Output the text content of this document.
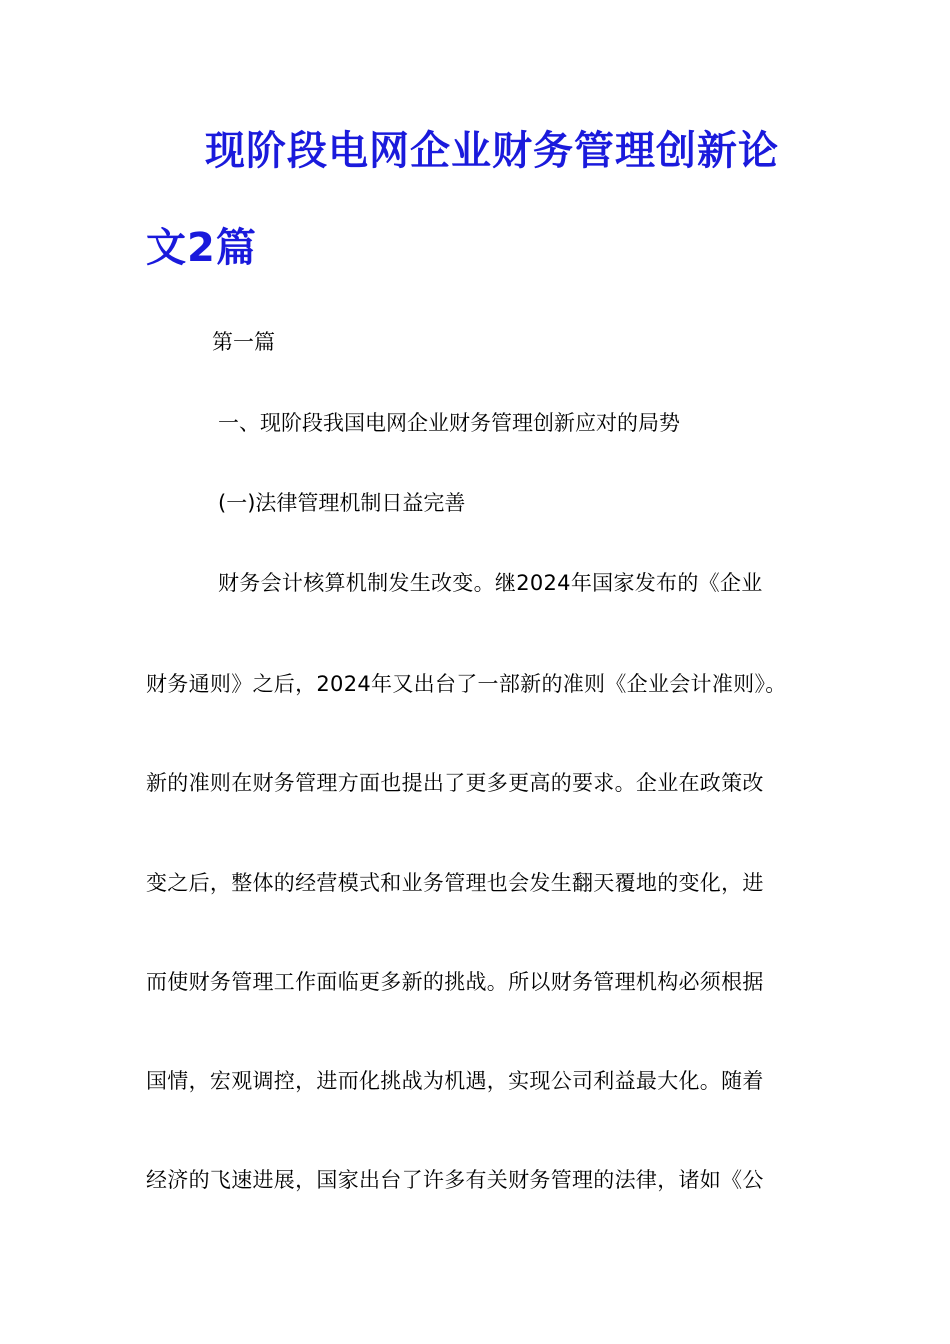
现阶段电网企业财务管理创新论
文2篇

第一篇

一、现阶段我国电网企业财务管理创新应对的局势

(一)法律管理机制日益完善

财务会计核算机制发生改变。继2024年国家发布的《企业

财务通则》之后，2024年又出台了一部新的准则《企业会计准则》。

新的准则在财务管理方面也提出了更多更高的要求。企业在政策改

变之后，整体的经营模式和业务管理也会发生翻天覆地的变化，进

而使财务管理工作面临更多新的挑战。所以财务管理机构必须根据

国情，宏观调控，进而化挑战为机遇，实现公司利益最大化。随着

经济的飞速进展，国家出台了许多有关财务管理的法律，诸如《公
